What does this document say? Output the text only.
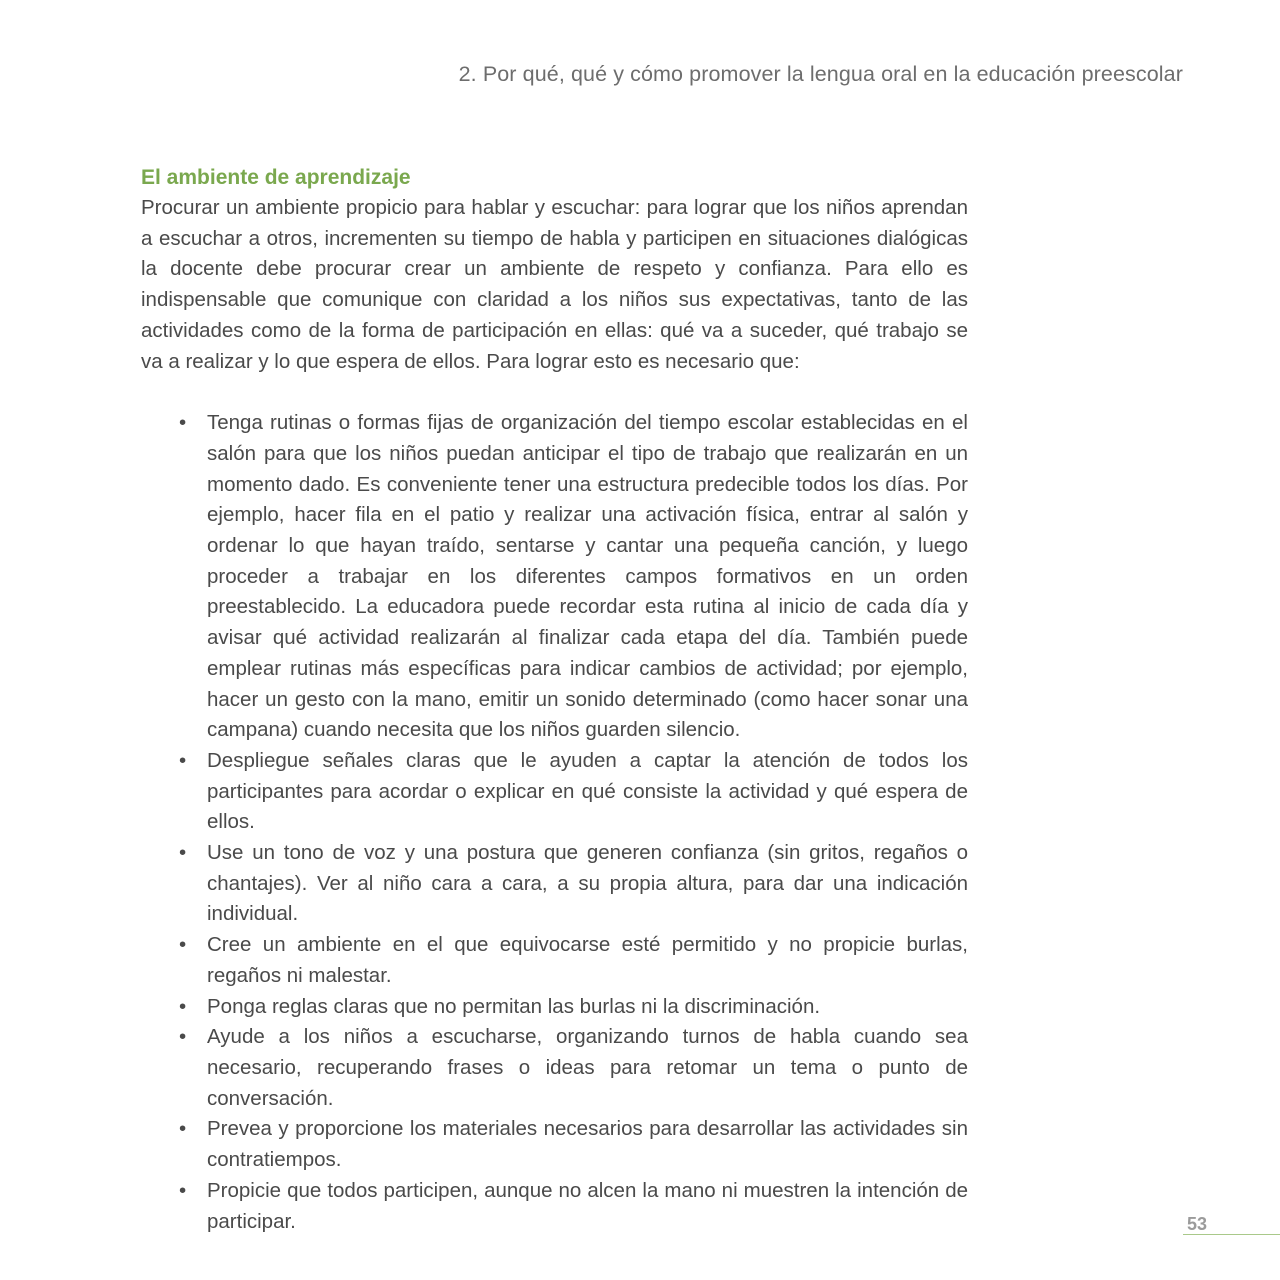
2. Por qué, qué y cómo promover la lengua oral en la educación preescolar
El ambiente de aprendizaje

Procurar un ambiente propicio para hablar y escuchar: para lograr que los niños aprendan a escuchar a otros, incrementen su tiempo de habla y participen en situaciones dialógicas la docente debe procurar crear un ambiente de respeto y confianza. Para ello es indispensable que comunique con claridad a los niños sus expectativas, tanto de las actividades como de la forma de participación en ellas: qué va a suceder, qué trabajo se va a realizar y lo que espera de ellos. Para lograr esto es necesario que:

• Tenga rutinas o formas fijas de organización del tiempo escolar establecidas en el salón para que los niños puedan anticipar el tipo de trabajo que realizarán en un momento dado. Es conveniente tener una estructura predecible todos los días. Por ejemplo, hacer fila en el patio y realizar una activación física, entrar al salón y ordenar lo que hayan traído, sentarse y cantar una pequeña canción, y luego proceder a trabajar en los diferentes campos formativos en un orden preestablecido. La educadora puede recordar esta rutina al inicio de cada día y avisar qué actividad realizarán al finalizar cada etapa del día. También puede emplear rutinas más específicas para indicar cambios de actividad; por ejemplo, hacer un gesto con la mano, emitir un sonido determinado (como hacer sonar una campana) cuando necesita que los niños guarden silencio.
• Despliegue señales claras que le ayuden a captar la atención de todos los participantes para acordar o explicar en qué consiste la actividad y qué espera de ellos.
• Use un tono de voz y una postura que generen confianza (sin gritos, regaños o chantajes). Ver al niño cara a cara, a su propia altura, para dar una indicación individual.
• Cree un ambiente en el que equivocarse esté permitido y no propicie burlas, regaños ni malestar.
• Ponga reglas claras que no permitan las burlas ni la discriminación.
• Ayude a los niños a escucharse, organizando turnos de habla cuando sea necesario, recuperando frases o ideas para retomar un tema o punto de conversación.
• Prevea y proporcione los materiales necesarios para desarrollar las actividades sin contratiempos.
• Propicie que todos participen, aunque no alcen la mano ni muestren la intención de participar.	53
